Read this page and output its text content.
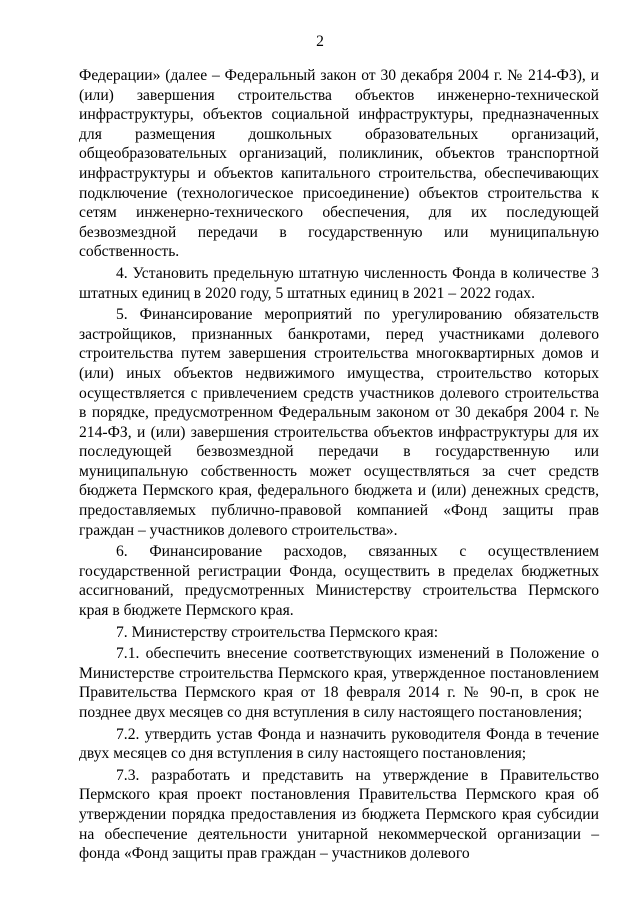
2

Федерации» (далее – Федеральный закон от 30 декабря 2004 г. № 214-ФЗ), и (или) завершения строительства объектов инженерно-технической инфраструктуры, объектов социальной инфраструктуры, предназначенных для размещения дошкольных образовательных организаций, общеобразовательных организаций, поликлиник, объектов транспортной инфраструктуры и объектов капитального строительства, обеспечивающих подключение (технологическое присоединение) объектов строительства к сетям инженерно-технического обеспечения, для их последующей безвозмездной передачи в государственную или муниципальную собственность.

4. Установить предельную штатную численность Фонда в количестве 3 штатных единиц в 2020 году, 5 штатных единиц в 2021 – 2022 годах.

5. Финансирование мероприятий по урегулированию обязательств застройщиков, признанных банкротами, перед участниками долевого строительства путем завершения строительства многоквартирных домов и (или) иных объектов недвижимого имущества, строительство которых осуществляется с привлечением средств участников долевого строительства в порядке, предусмотренном Федеральным законом от 30 декабря 2004 г. № 214-ФЗ, и (или) завершения строительства объектов инфраструктуры для их последующей безвозмездной передачи в государственную или муниципальную собственность может осуществляться за счет средств бюджета Пермского края, федерального бюджета и (или) денежных средств, предоставляемых публично-правовой компанией «Фонд защиты прав граждан – участников долевого строительства».

6. Финансирование расходов, связанных с осуществлением государственной регистрации Фонда, осуществить в пределах бюджетных ассигнований, предусмотренных Министерству строительства Пермского края в бюджете Пермского края.

7. Министерству строительства Пермского края:

7.1. обеспечить внесение соответствующих изменений в Положение о Министерстве строительства Пермского края, утвержденное постановлением Правительства Пермского края от 18 февраля 2014 г. № 90-п, в срок не позднее двух месяцев со дня вступления в силу настоящего постановления;

7.2. утвердить устав Фонда и назначить руководителя Фонда в течение двух месяцев со дня вступления в силу настоящего постановления;

7.3. разработать и представить на утверждение в Правительство Пермского края проект постановления Правительства Пермского края об утверждении порядка предоставления из бюджета Пермского края субсидии на обеспечение деятельности унитарной некоммерческой организации – фонда «Фонд защиты прав граждан – участников долевого
